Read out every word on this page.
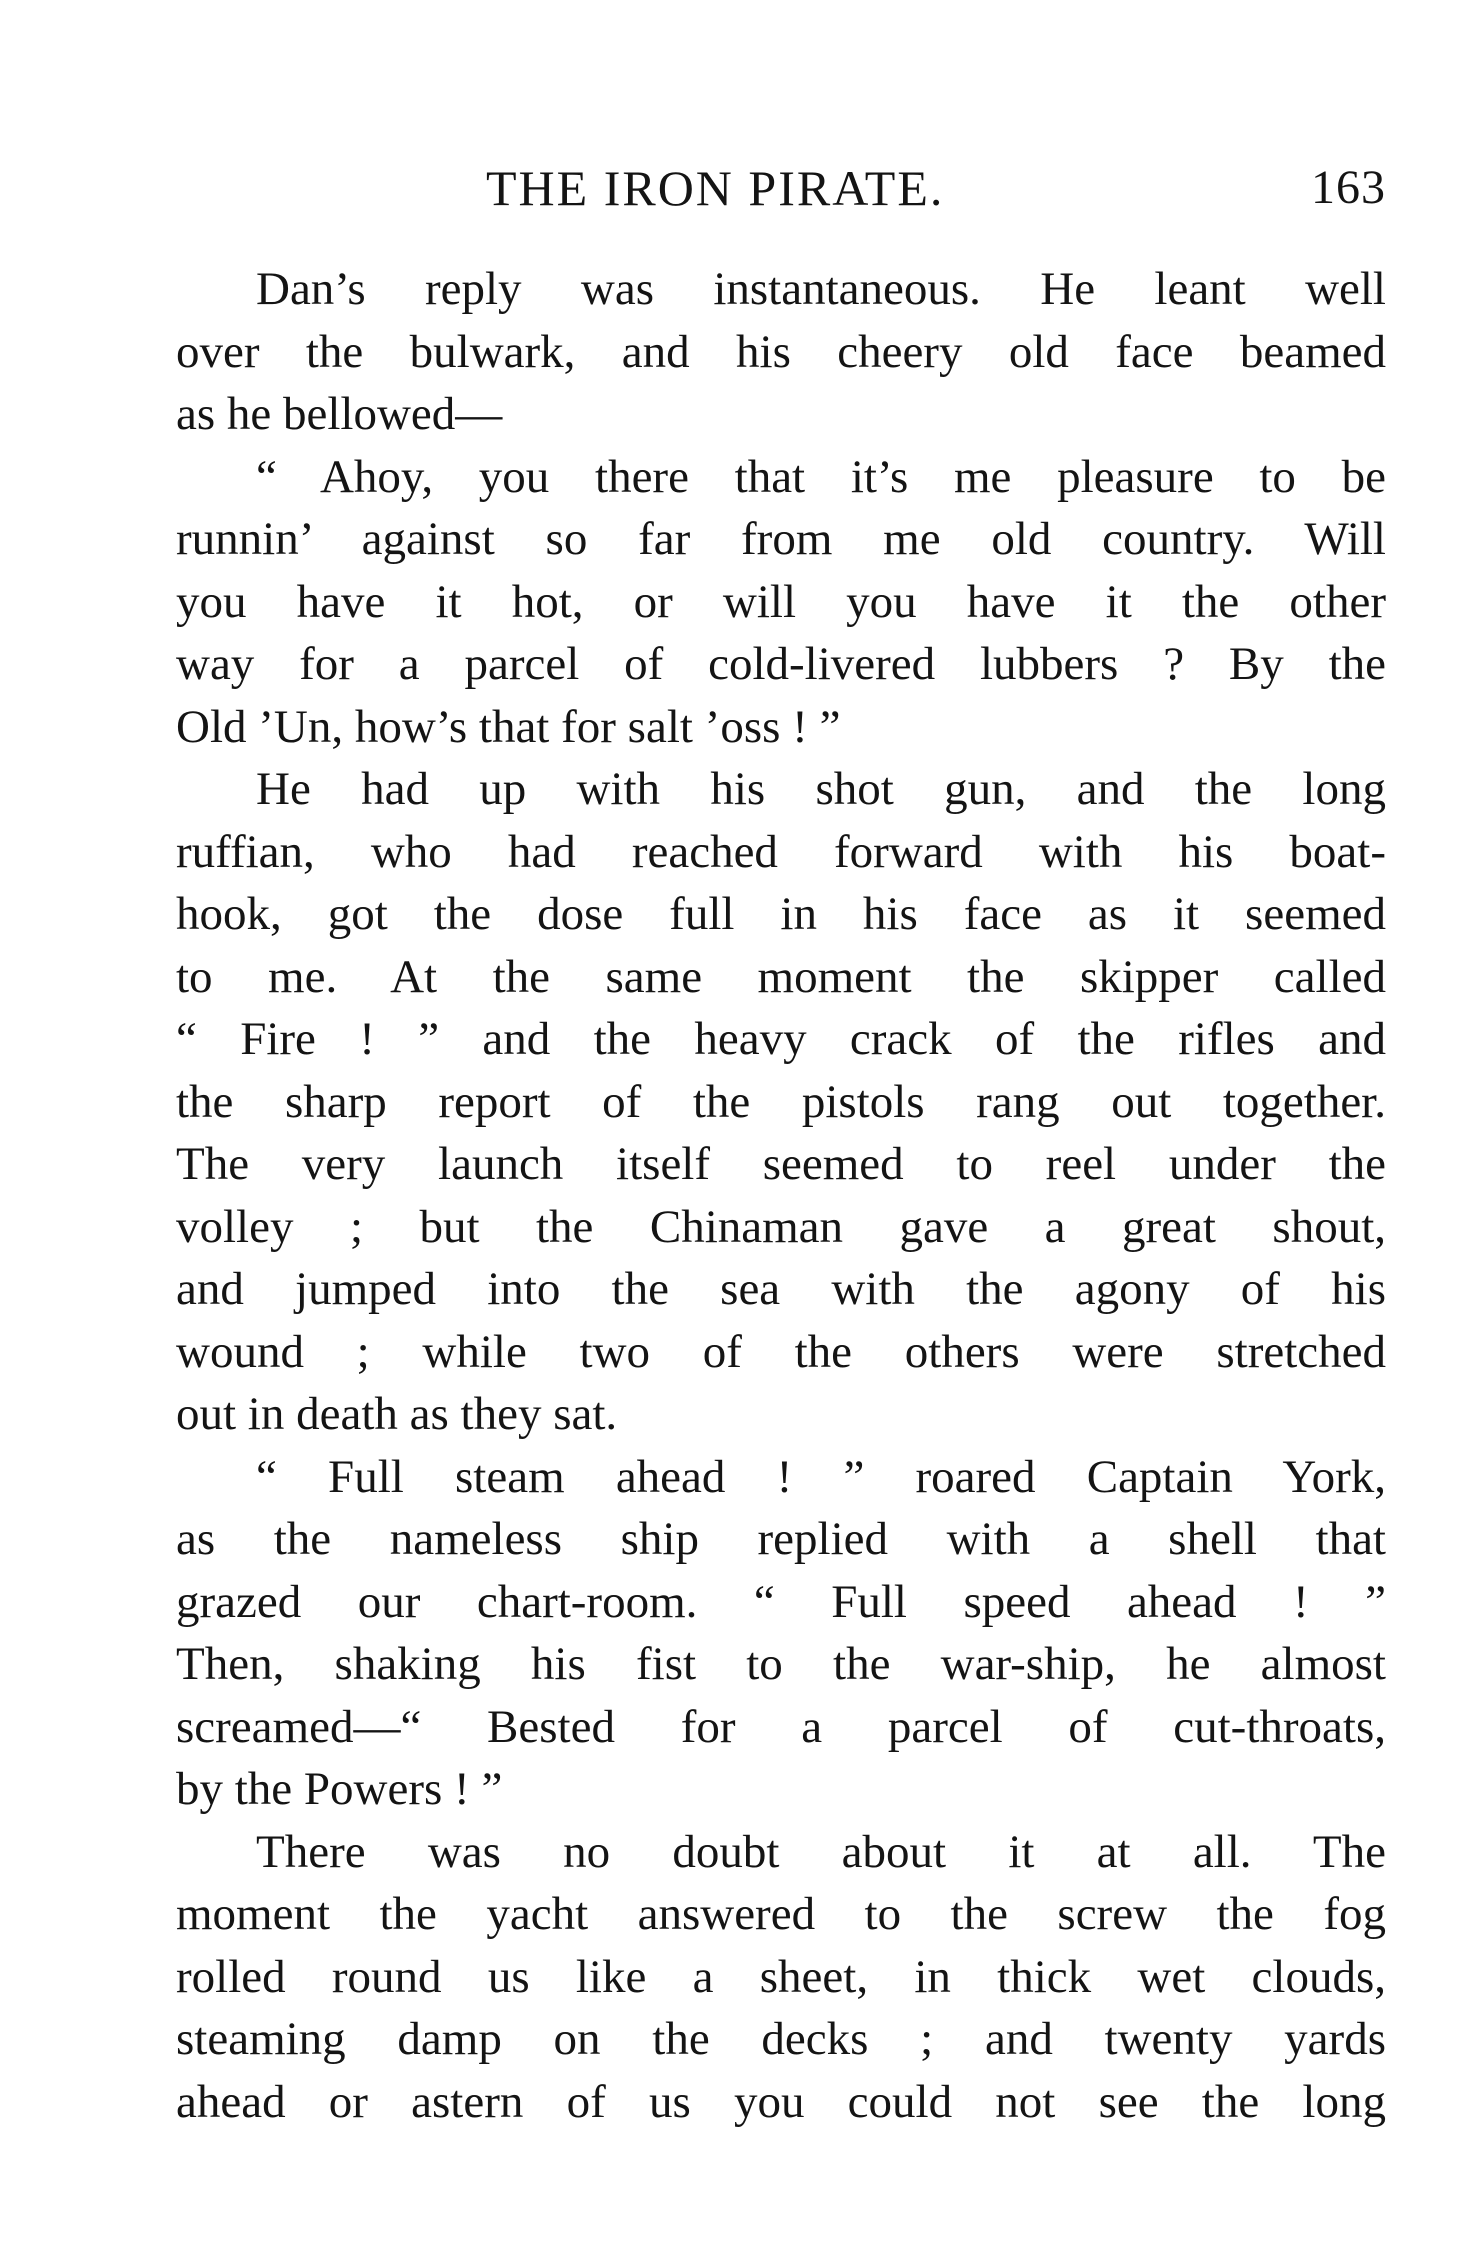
THE IRON PIRATE.	163
Dan’s reply was instantaneous. He leant well
over the bulwark, and his cheery old face beamed
as he bellowed—
“ Ahoy, you there that it’s me pleasure to be
runnin’ against so far from me old country. Will
you have it hot, or will you have it the other
way for a parcel of cold-livered lubbers ? By the
Old ’Un, how’s that for salt ’oss ! ”
He had up with his shot gun, and the long
ruffian, who had reached forward with his boat-
hook, got the dose full in his face as it seemed
to me. At the same moment the skipper called
“ Fire ! ” and the heavy crack of the rifles and
the sharp report of the pistols rang out together.
The very launch itself seemed to reel under the
volley ; but the Chinaman gave a great shout,
and jumped into the sea with the agony of his
wound ; while two of the others were stretched
out in death as they sat.
“ Full steam ahead ! ” roared Captain York,
as the nameless ship replied with a shell that
grazed our chart-room. “ Full speed ahead ! ”
Then, shaking his fist to the war-ship, he almost
screamed—“ Bested for a parcel of cut-throats,
by the Powers ! ”
There was no doubt about it at all. The
moment the yacht answered to the screw the fog
rolled round us like a sheet, in thick wet clouds,
steaming damp on the decks ; and twenty yards
ahead or astern of us you could not see the long
